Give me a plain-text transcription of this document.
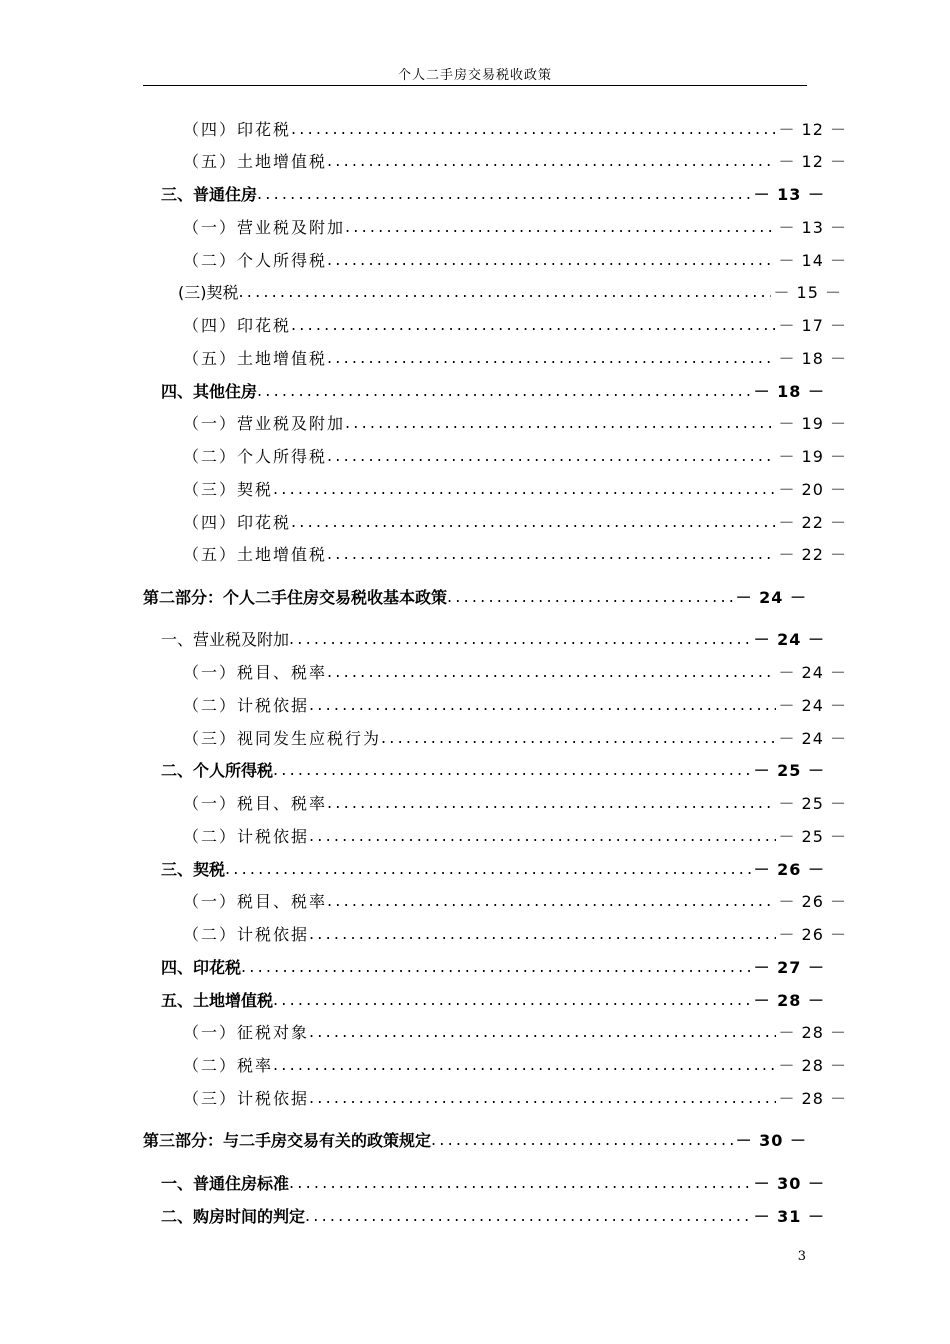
个人二手房交易税收政策
（四）印花税 .....	－ 12 －
（五）土地增值税 .....	－ 12 －
三、普通住房 .....	－ 13 －
（一）营业税及附加 .....	－ 13 －
（二）个人所得税 .....	－ 14 －
(三)契税 .....	－ 15 －
（四）印花税 .....	－ 17 －
（五）土地增值税 .....	－ 18 －
四、其他住房 .....	－ 18 －
（一）营业税及附加 .....	－ 19 －
（二）个人所得税 .....	－ 19 －
（三）契税 .....	－ 20 －
（四）印花税 .....	－ 22 －
（五）土地增值税 .....	－ 22 －
第二部分：个人二手住房交易税收基本政策 .....	－ 24 －
一、营业税及附加 .....	－ 24 －
（一）税目、税率 .....	－ 24 －
（二）计税依据 .....	－ 24 －
（三）视同发生应税行为 .....	－ 24 －
二、个人所得税 .....	－ 25 －
（一）税目、税率 .....	－ 25 －
（二）计税依据 .....	－ 25 －
三、契税 .....	－ 26 －
（一）税目、税率 .....	－ 26 －
（二）计税依据 .....	－ 26 －
四、印花税 .....	－ 27 －
五、土地增值税 .....	－ 28 －
（一）征税对象 .....	－ 28 －
（二）税率 .....	－ 28 －
（三）计税依据 .....	－ 28 －
第三部分：与二手房交易有关的政策规定 .....	－ 30 －
一、普通住房标准 .....	－ 30 －
二、购房时间的判定 .....	－ 31 －
3
